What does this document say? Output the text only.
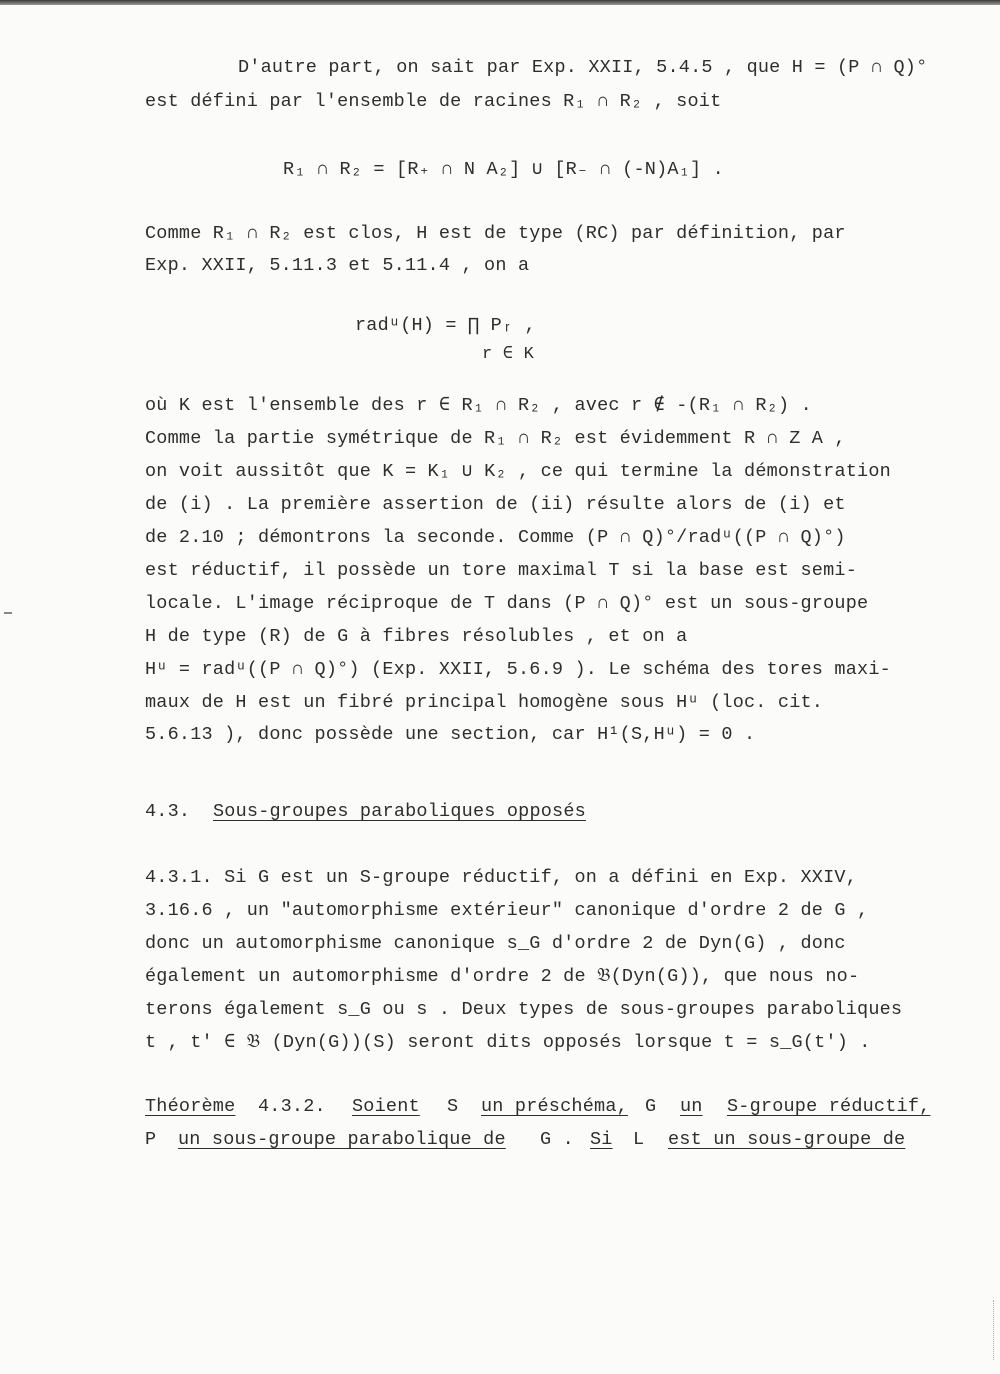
D'autre part, on sait par Exp. XXII, 5.4.5 , que H = (P ∩ Q)°
est défini par l'ensemble de racines R₁ ∩ R₂ , soit
R₁ ∩ R₂ = [R₊ ∩ N A₂] ∪ [R₋ ∩ (-N)A₁] .
Comme R₁ ∩ R₂ est clos, H est de type (RC) par définition, par
Exp. XXII, 5.11.3 et 5.11.4 , on a
radᵘ(H) = ∏ Pᵣ ,
r ∈ K
où K est l'ensemble des r ∈ R₁ ∩ R₂ , avec r ∉ -(R₁ ∩ R₂) .
Comme la partie symétrique de R₁ ∩ R₂ est évidemment R ∩ Z A ,
on voit aussitôt que K = K₁ ∪ K₂ , ce qui termine la démonstration
de (i) . La première assertion de (ii) résulte alors de (i) et
de 2.10 ; démontrons la seconde. Comme (P ∩ Q)°/radᵘ((P ∩ Q)°)
est réductif, il possède un tore maximal T si la base est semi-
locale. L'image réciproque de T dans (P ∩ Q)° est un sous-groupe
H de type (R) de G à fibres résolubles , et on a
Hᵘ = radᵘ((P ∩ Q)°) (Exp. XXII, 5.6.9 ). Le schéma des tores maxi-
maux de H est un fibré principal homogène sous Hᵘ (loc. cit.
5.6.13 ), donc possède une section, car H¹(S,Hᵘ) = 0 .
4.3. Sous-groupes paraboliques opposés
4.3.1. Si G est un S-groupe réductif, on a défini en Exp. XXIV,
3.16.6 , un "automorphisme extérieur" canonique d'ordre 2 de G ,
donc un automorphisme canonique s_G d'ordre 2 de Dyn(G) , donc
également un automorphisme d'ordre 2 de 𝔅(Dyn(G)), que nous no-
terons également s_G ou s . Deux types de sous-groupes paraboliques
t , t' ∈ 𝔅 (Dyn(G))(S) seront dits opposés lorsque t = s_G(t') .
Théorème 4.3.2. Soient S un préschéma, G un S-groupe réductif,
P un sous-groupe parabolique de G . Si L est un sous-groupe de
